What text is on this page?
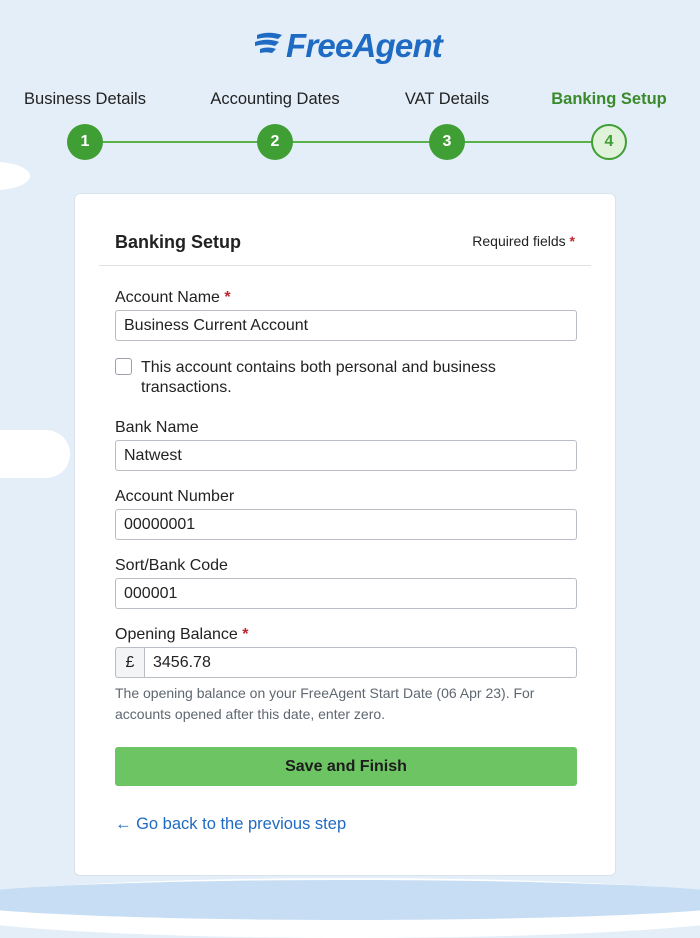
FreeAgent
Business Details	Accounting Dates	VAT Details	Banking Setup
1	2	3	4
Banking Setup	Required fields *
Account Name *
Business Current Account
This account contains both personal and business transactions.
Bank Name
Natwest
Account Number
00000001
Sort/Bank Code
000001
Opening Balance *
£	3456.78
The opening balance on your FreeAgent Start Date (06 Apr 23). For accounts opened after this date, enter zero.
Save and Finish
← Go back to the previous step
